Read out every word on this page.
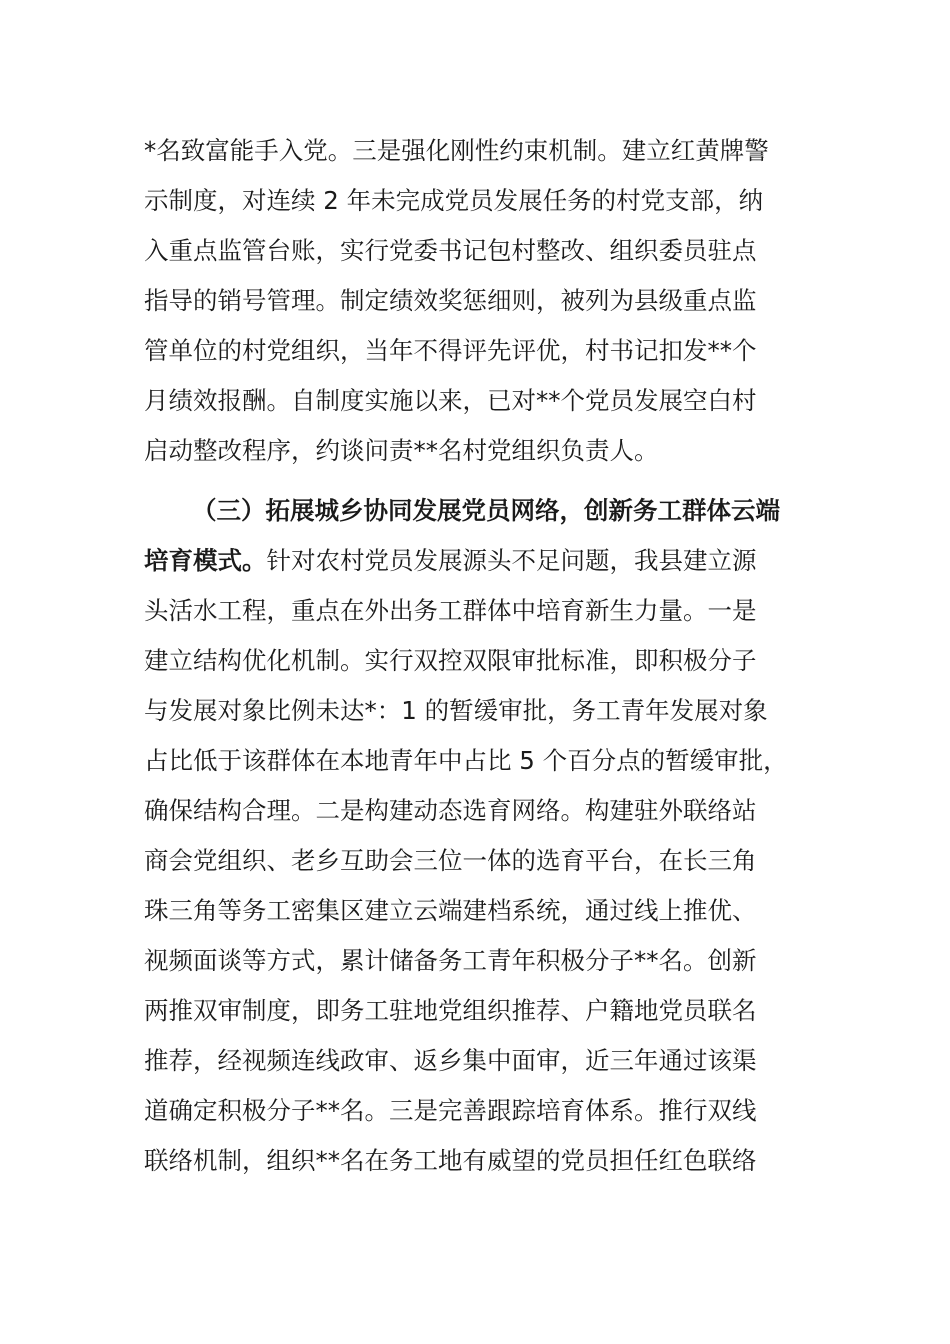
*名致富能手入党。三是强化刚性约束机制。建立红黄牌警
示制度，对连续 2 年未完成党员发展任务的村党支部，纳
入重点监管台账，实行党委书记包村整改、组织委员驻点
指导的销号管理。制定绩效奖惩细则，被列为县级重点监
管单位的村党组织，当年不得评先评优，村书记扣发**个
月绩效报酬。自制度实施以来，已对**个党员发展空白村
启动整改程序，约谈问责**名村党组织负责人。
（三）拓展城乡协同发展党员网络，创新务工群体云端
培育模式。针对农村党员发展源头不足问题，我县建立源
头活水工程，重点在外出务工群体中培育新生力量。一是
建立结构优化机制。实行双控双限审批标准，即积极分子
与发展对象比例未达*：1 的暂缓审批，务工青年发展对象
占比低于该群体在本地青年中占比 5 个百分点的暂缓审批，
确保结构合理。二是构建动态选育网络。构建驻外联络站
商会党组织、老乡互助会三位一体的选育平台，在长三角
珠三角等务工密集区建立云端建档系统，通过线上推优、
视频面谈等方式，累计储备务工青年积极分子**名。创新
两推双审制度，即务工驻地党组织推荐、户籍地党员联名
推荐，经视频连线政审、返乡集中面审，近三年通过该渠
道确定积极分子**名。三是完善跟踪培育体系。推行双线
联络机制，组织**名在务工地有威望的党员担任红色联络
